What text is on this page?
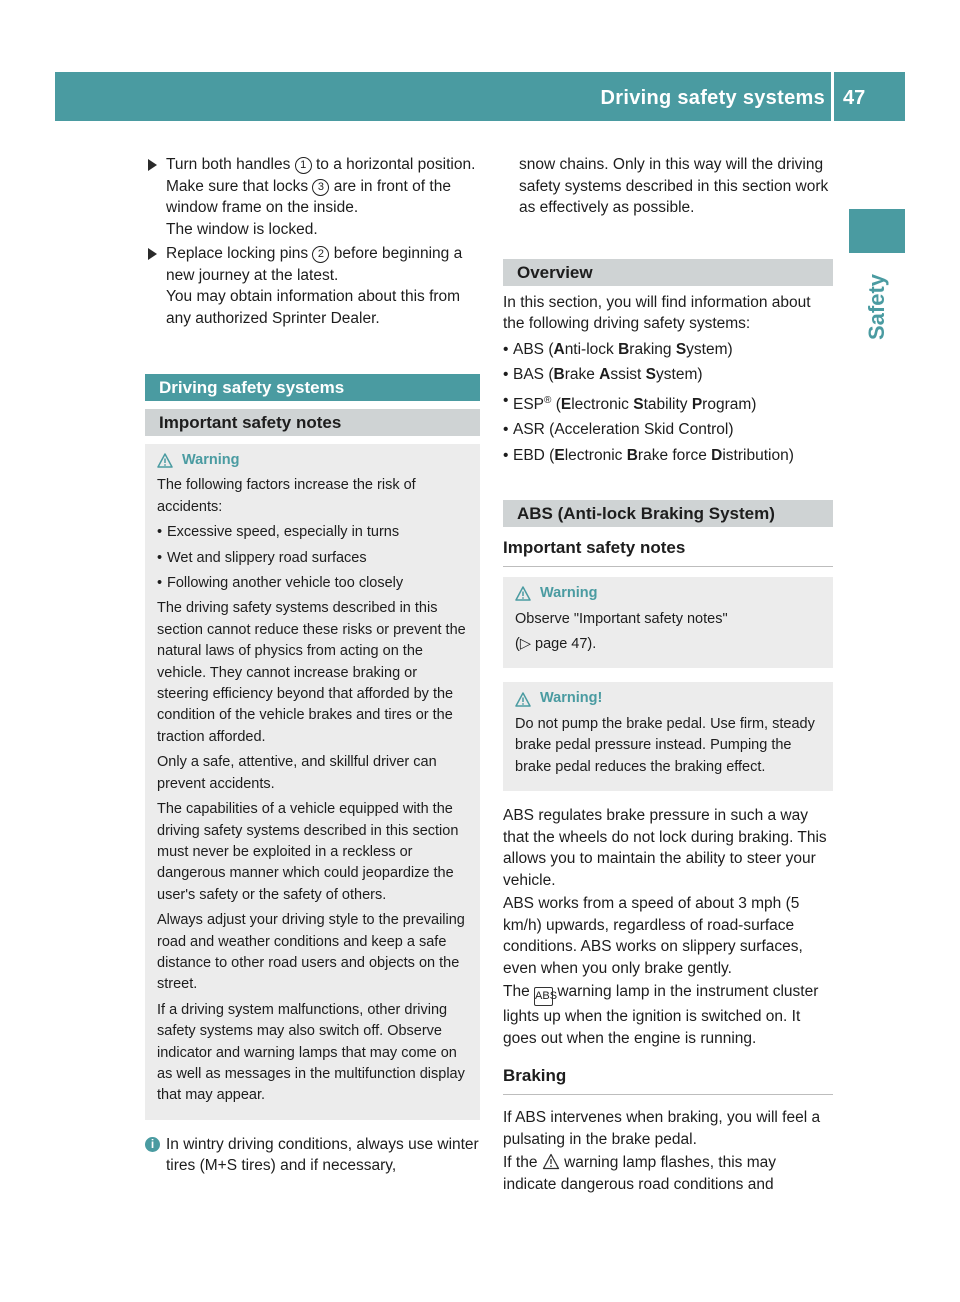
Driving safety systems 47
Safety

Turn both handles 1 to a horizontal position. Make sure that locks 3 are in front of the window frame on the inside.

The window is locked.

Replace locking pins 2 before beginning a new journey at the latest.

You may obtain information about this from any authorized Sprinter Dealer.

Driving safety systems
Important safety notes
Warning

The following factors increase the risk of accidents:

• Excessive speed, especially in turns
• Wet and slippery road surfaces
• Following another vehicle too closely

The driving safety systems described in this section cannot reduce these risks or prevent the natural laws of physics from acting on the vehicle. They cannot increase braking or steering efficiency beyond that afforded by the condition of the vehicle brakes and tires or the traction afforded.

Only a safe, attentive, and skillful driver can prevent accidents.

The capabilities of a vehicle equipped with the driving safety systems described in this section must never be exploited in a reckless or dangerous manner which could jeopardize the user's safety or the safety of others.

Always adjust your driving style to the prevailing road and weather conditions and keep a safe distance to other road users and objects on the street.

If a driving system malfunctions, other driving safety systems may also switch off. Observe indicator and warning lamps that may come on as well as messages in the multifunction display that may appear.

i In wintry driving conditions, always use winter tires (M+S tires) and if necessary,

snow chains. Only in this way will the driving safety systems described in this section work as effectively as possible.

Overview

In this section, you will find information about the following driving safety systems:

• ABS (Anti-lock Braking System)
• BAS (Brake Assist System)
• ESP® (Electronic Stability Program)
• ASR (Acceleration Skid Control)
• EBD (Electronic Brake force Distribution)
ABS (Anti-lock Braking System)

Important safety notes

Warning

Observe "Important safety notes"

(▷ page 47).

Warning!

Do not pump the brake pedal. Use firm, steady brake pedal pressure instead. Pumping the brake pedal reduces the braking effect.

ABS regulates brake pressure in such a way that the wheels do not lock during braking. This allows you to maintain the ability to steer your vehicle.

ABS works from a speed of about 3 mph (5 km/h) upwards, regardless of road-surface conditions. ABS works on slippery surfaces, even when you only brake gently.

The ABS warning lamp in the instrument cluster lights up when the ignition is switched on. It goes out when the engine is running.

Braking

If ABS intervenes when braking, you will feel a pulsating in the brake pedal.

If the  warning lamp flashes, this may indicate dangerous road conditions and
